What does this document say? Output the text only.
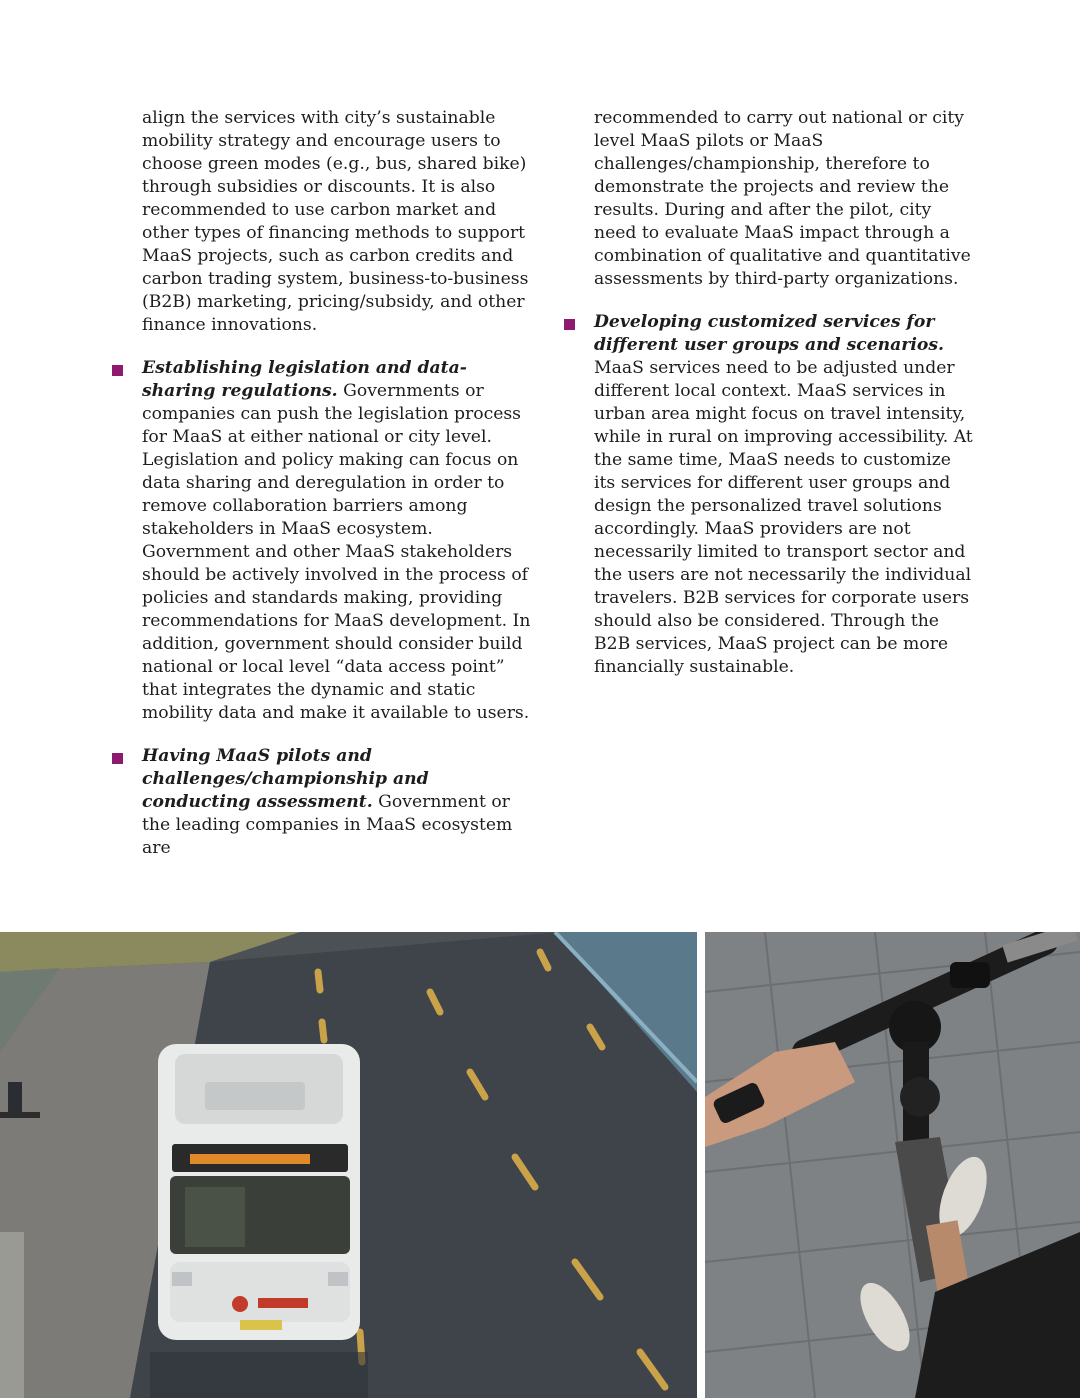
align the services with city’s sustainable mobility strategy and encourage users to choose green modes (e.g., bus, shared bike) through subsidies or discounts. It is also recommended to use carbon market and other types of financing methods to support MaaS projects, such as carbon credits and carbon trading system, business-to-business (B2B) marketing, pricing/subsidy, and other finance innovations.

Establishing legislation and data-sharing regulations. Governments or companies can push the legislation process for MaaS at either national or city level. Legislation and policy making can focus on data sharing and deregulation in order to remove collaboration barriers among stakeholders in MaaS ecosystem. Government and other MaaS stakeholders should be actively involved in the process of policies and standards making, providing recommendations for MaaS development. In addition, government should consider build national or local level “data access point” that integrates the dynamic and static mobility data and make it available to users.

Having MaaS pilots and challenges/championship and conducting assessment. Government or the leading companies in MaaS ecosystem are

recommended to carry out national or city level MaaS pilots or MaaS challenges/championship, therefore to demonstrate the projects and review the results. During and after the pilot, city need to evaluate MaaS impact through a combination of qualitative and quantitative assessments by third-party organizations.

Developing customized services for different user groups and scenarios. MaaS services need to be adjusted under different local context. MaaS services in urban area might focus on travel intensity, while in rural on improving accessibility. At the same time, MaaS needs to customize its services for different user groups and design the personalized travel solutions accordingly. MaaS providers are not necessarily limited to transport sector and the users are not necessarily the individual travelers. B2B services for corporate users should also be considered. Through the B2B services, MaaS project can be more financially sustainable.
